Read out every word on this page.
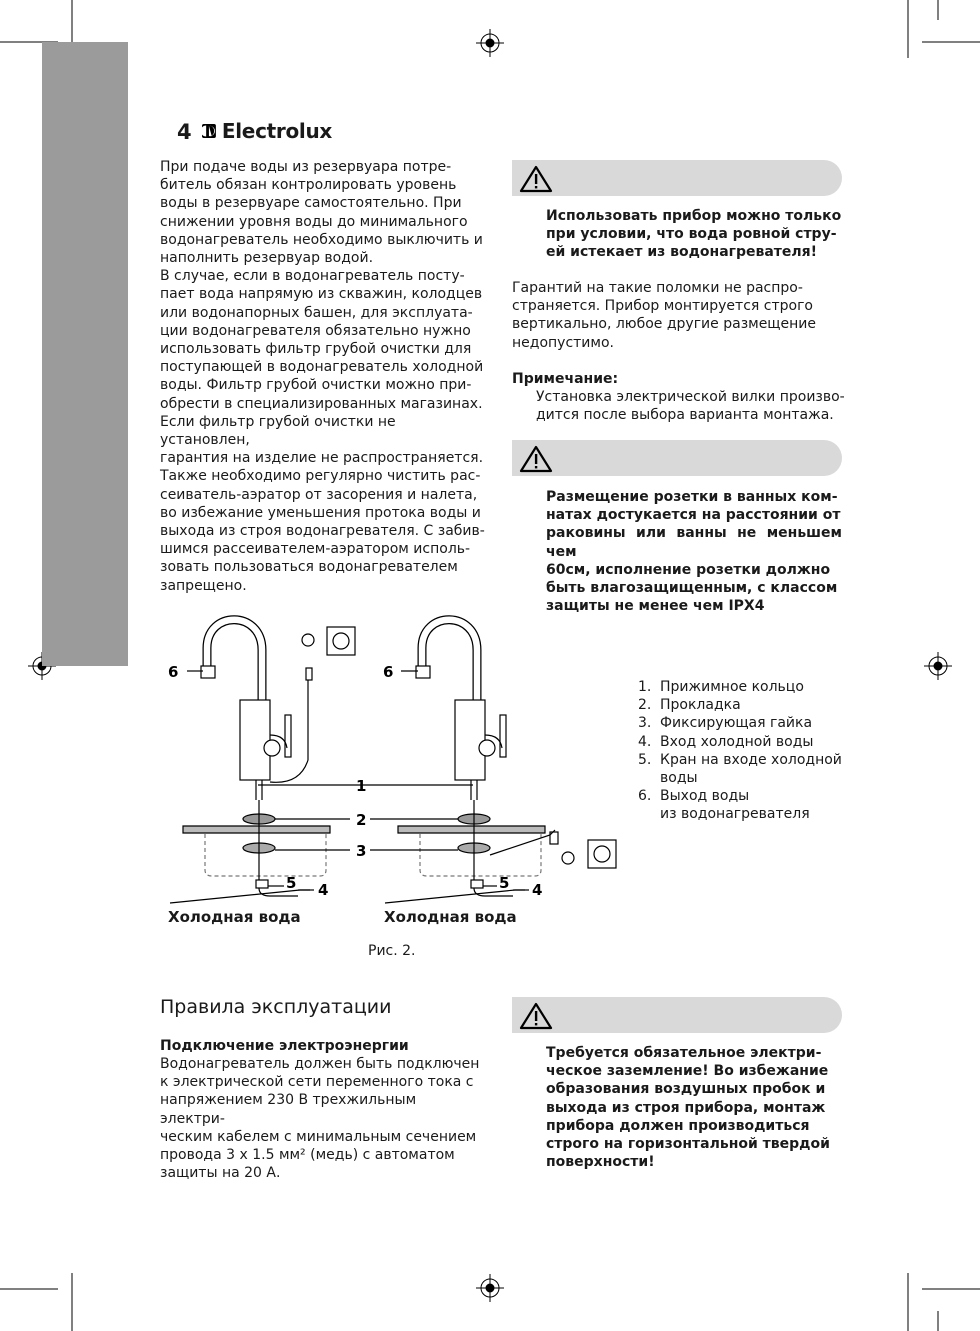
4 Electrolux
При подаче воды из резервуара потре-
битель обязан контролировать уровень
воды в резервуаре самостоятельно. При
снижении уровня воды до минимального
водонагреватель необходимо выключить и
наполнить резервуар водой.
В случае, если в водонагреватель посту-
пает вода напрямую из скважин, колодцев
или водонапорных башен, для эксплуата-
ции водонагревателя обязательно нужно
использовать фильтр грубой очистки для
поступающей в водонагреватель холодной
воды. Фильтр грубой очистки можно при-
обрести в специализированных магазинах.
Если фильтр грубой очистки не установлен,
гарантия на изделие не распространяется.
Также необходимо регулярно чистить рас-
сеиватель-аэратор от засорения и налета,
во избежание уменьшения протока воды и
выхода из строя водонагревателя. С забив-
шимся рассеивателем-аэратором исполь-
зовать пользоваться водонагревателем
запрещено.
Использовать прибор можно только
при условии, что вода ровной стру-
ей истекает из водонагревателя!
Гарантий на такие поломки не распро-
страняется. Прибор монтируется строго
вертикально, любое другие размещение
недопустимо.
Примечание:
Установка электрической вилки произво-
дится после выбора варианта монтажа.
Размещение розетки в ванных ком-
натах достукается на расстоянии от
раковины или ванны не меньшем чем
60см, исполнение розетки должно
быть влагозащищенным, с классом
защиты не менее чем IPX4
6	6
1
2
3
5 4	5 4
Холодная вода	Холодная вода
Рис. 2.
1. Прижимное кольцо
2. Прокладка
3. Фиксирующая гайка
4. Вход холодной воды
5. Кран на входе холодной
воды
6. Выход воды
из водонагревателя
Правила эксплуатации
Подключение электроэнергии
Водонагреватель должен быть подключен
к электрической сети переменного тока с
напряжением 230 В трехжильным электри-
ческим кабелем с минимальным сечением
провода 3 x 1.5 мм² (медь) с автоматом
защиты на 20 А.
Требуется обязательное электри-
ческое заземление! Во избежание
образования воздушных пробок и
выхода из строя прибора, монтаж
прибора должен производиться
строго на горизонтальной твердой
поверхности!
